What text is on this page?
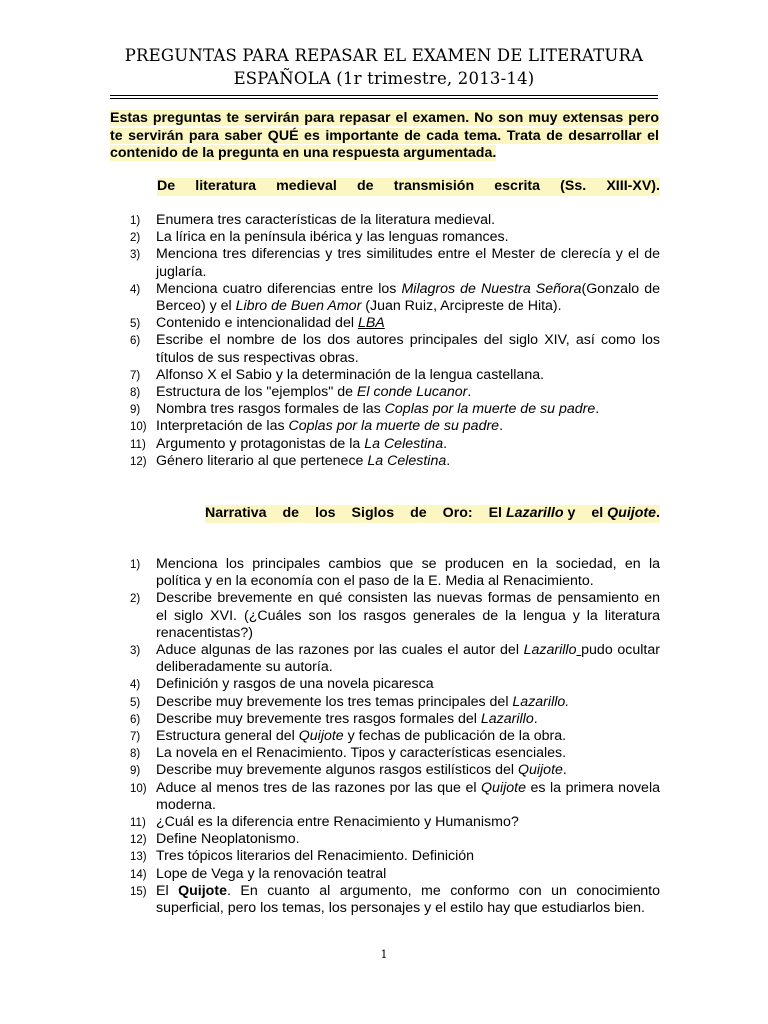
PREGUNTAS PARA REPASAR EL EXAMEN DE LITERATURA
ESPAÑOLA (1r trimestre, 2013-14)
Estas preguntas te servirán para repasar el examen. No son muy extensas pero te servirán para saber QUÉ es importante de cada tema. Trata de desarrollar el contenido de la pregunta en una respuesta argumentada.
De literatura medieval de transmisión escrita (Ss. XIII-XV).
1) Enumera tres características de la literatura medieval.
2) La lírica en la península ibérica y las lenguas romances.
3) Menciona tres diferencias y tres similitudes entre el Mester de clerecía y el de juglaría.
4) Menciona cuatro diferencias entre los Milagros de Nuestra Señora(Gonzalo de Berceo) y el Libro de Buen Amor (Juan Ruiz, Arcipreste de Hita).
5) Contenido e intencionalidad del LBA
6) Escribe el nombre de los dos autores principales del siglo XIV, así como los títulos de sus respectivas obras.
7) Alfonso X el Sabio y la determinación de la lengua castellana.
8) Estructura de los "ejemplos" de El conde Lucanor.
9) Nombra tres rasgos formales de las Coplas por la muerte de su padre.
10) Interpretación de las Coplas por la muerte de su padre.
11) Argumento y protagonistas de la La Celestina.
12) Género literario al que pertenece La Celestina.
Narrativa de los Siglos de Oro: El Lazarillo y el Quijote.
1) Menciona los principales cambios que se producen en la sociedad, en la política y en la economía con el paso de la E. Media al Renacimiento.
2) Describe brevemente en qué consisten las nuevas formas de pensamiento en el siglo XVI. (¿Cuáles son los rasgos generales de la lengua y la literatura renacentistas?)
3) Aduce algunas de las razones por las cuales el autor del Lazarillo pudo ocultar deliberadamente su autoría.
4) Definición y rasgos de una novela picaresca
5) Describe muy brevemente los tres temas principales del Lazarillo.
6) Describe muy brevemente tres rasgos formales del Lazarillo.
7) Estructura general del Quijote y fechas de publicación de la obra.
8) La novela en el Renacimiento. Tipos y características esenciales.
9) Describe muy brevemente algunos rasgos estilísticos del Quijote.
10) Aduce al menos tres de las razones por las que el Quijote es la primera novela moderna.
11) ¿Cuál es la diferencia entre Renacimiento y Humanismo?
12) Define Neoplatonismo.
13) Tres tópicos literarios del Renacimiento. Definición
14) Lope de Vega y la renovación teatral
15) El Quijote. En cuanto al argumento, me conformo con un conocimiento superficial, pero los temas, los personajes y el estilo hay que estudiarlos bien.
1
